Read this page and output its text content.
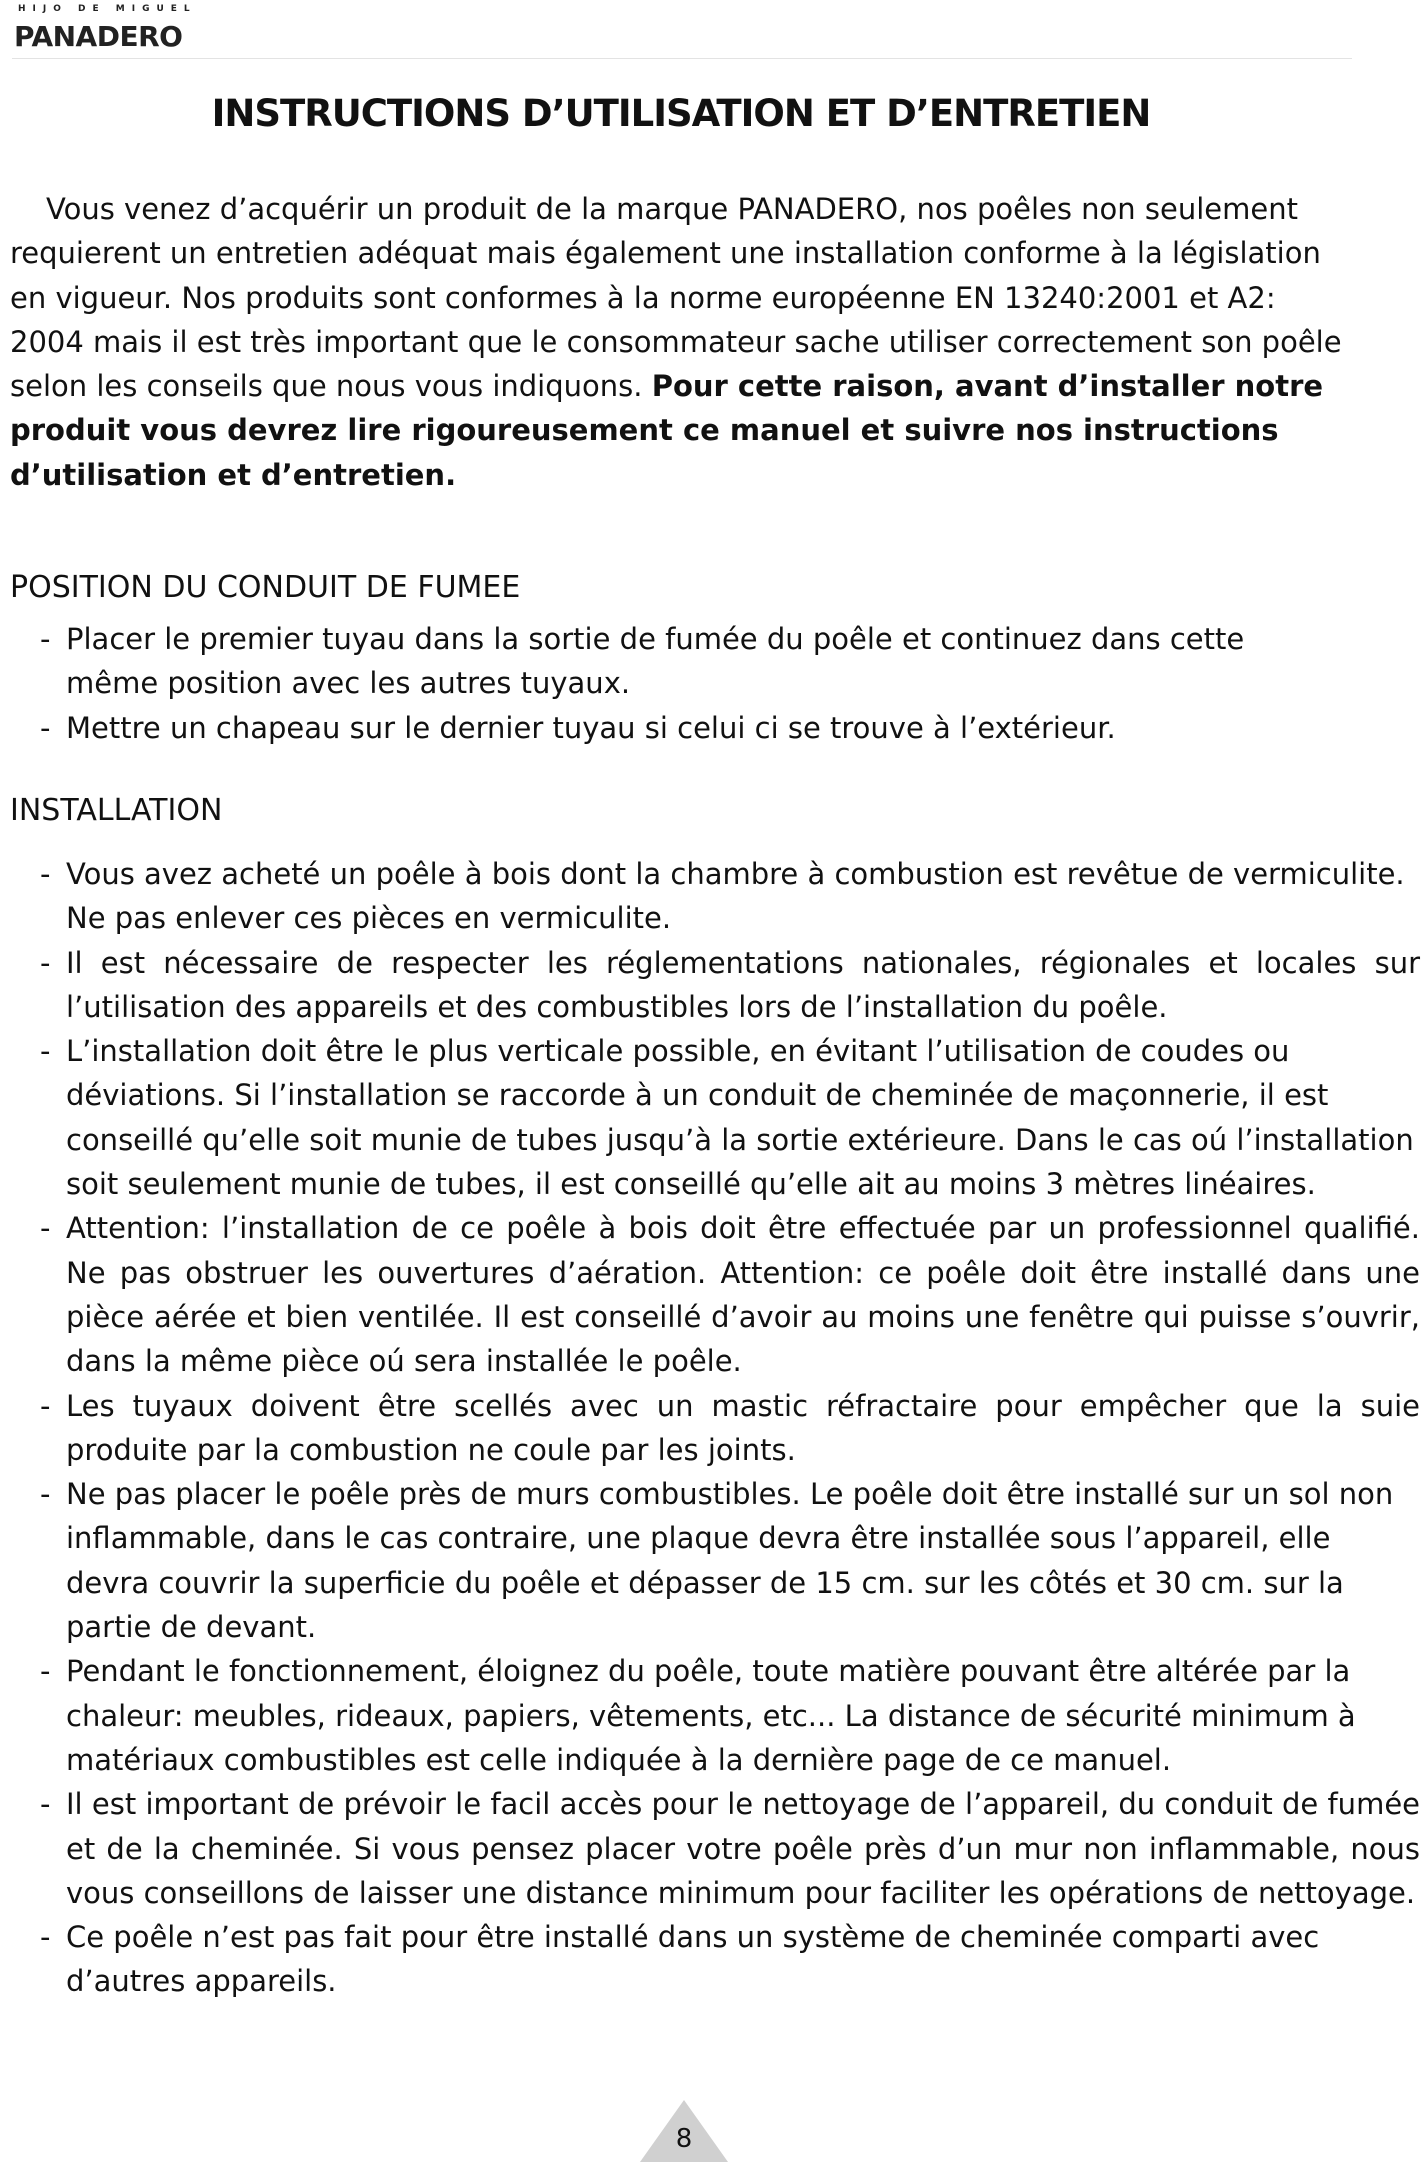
HIJO DE MIGUEL
PANADERO
INSTRUCTIONS D’UTILISATION ET D’ENTRETIEN

Vous venez d’acquérir un produit de la marque PANADERO, nos poêles non seulement

requierent un entretien adéquat mais également une installation conforme à la législation

en vigueur. Nos produits sont conformes à la norme européenne EN 13240:2001 et A2:

2004 mais il est très important que le consommateur sache utiliser correctement son poêle

selon les conseils que nous vous indiquons. Pour cette raison, avant d’installer notre produit vous devrez lire rigoureusement ce manuel et suivre nos instructions d’utilisation et d’entretien.

POSITION DU CONDUIT DE FUMEE
- Placer le premier tuyau dans la sortie de fumée du poêle et continuez dans cette même position avec les autres tuyaux.
- Mettre un chapeau sur le dernier tuyau si celui ci se trouve à l’extérieur.
INSTALLATION
- Vous avez acheté un poêle à bois dont la chambre à combustion est revêtue de vermiculite. Ne pas enlever ces pièces en vermiculite.
- Il est nécessaire de respecter les réglementations nationales, régionales et locales sur l’utilisation des appareils et des combustibles lors de l’installation du poêle.
- L’installation doit être le plus verticale possible, en évitant l’utilisation de coudes ou déviations. Si l’installation se raccorde à un conduit de cheminée de maçonnerie, il est conseillé qu’elle soit munie de tubes jusqu’à la sortie extérieure. Dans le cas oú l’installation soit seulement munie de tubes, il est conseillé qu’elle ait au moins 3 mètres linéaires.
- Attention: l’installation de ce poêle à bois doit être effectuée par un professionnel qualifié. Ne pas obstruer les ouvertures d’aération. Attention: ce poêle doit être installé dans une pièce aérée et bien ventilée. Il est conseillé d’avoir au moins une fenêtre qui puisse s’ouvrir, dans la même pièce oú sera installée le poêle.
- Les tuyaux doivent être scellés avec un mastic réfractaire pour empêcher que la suie produite par la combustion ne coule par les joints.
- Ne pas placer le poêle près de murs combustibles. Le poêle doit être installé sur un sol non inflammable, dans le cas contraire, une plaque devra être installée sous l’appareil, elle devra couvrir la superficie du poêle et dépasser de 15 cm. sur les côtés et 30 cm. sur la partie de devant.
- Pendant le fonctionnement, éloignez du poêle, toute matière pouvant être altérée par la chaleur: meubles, rideaux, papiers, vêtements, etc... La distance de sécurité minimum à matériaux combustibles est celle indiquée à la dernière page de ce manuel.
- Il est important de prévoir le facil accès pour le nettoyage de l’appareil, du conduit de fumée et de la cheminée. Si vous pensez placer votre poêle près d’un mur non inflammable, nous vous conseillons de laisser une distance minimum pour faciliter les opérations de nettoyage.
- Ce poêle n’est pas fait pour être installé dans un système de cheminée comparti avec d’autres appareils.
8
